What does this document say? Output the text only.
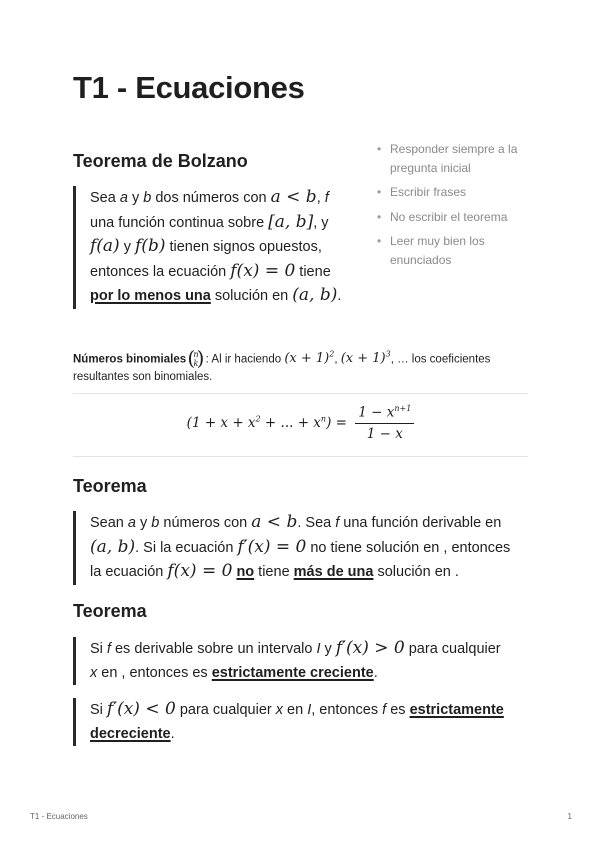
T1 - Ecuaciones
Teorema de Bolzano

Sea a y b dos números con a < b, f
una función continua sobre [a, b], y
f(a) y f(b) tienen signos opuestos,
entonces la ecuación f(x) = 0 tiene
por lo menos una solución en (a, b).

• Responder siempre a la pregunta inicial
• Escribir frases
• No escribir el teorema
• Leer muy bien los enunciados
Números binomiales
( n
k
) : Al ir haciendo $(x + 1)^2$, $(x + 1)^3$, … los coeficientes resultantes son binomiales.
($1 + x + x^2$ + ... + $x^n) = \frac{1 - x^{n+1}}{1 - x}$
Teorema

Sean a y b números con a < b. Sea f una función derivable en
(a, b). Si la ecuación f′(x) = 0 no tiene solución en , entonces
la ecuación f(x) = 0 no tiene más de una solución en .

Teorema

Si f es derivable sobre un intervalo I y f′(x) > 0 para cualquier
x en , entonces es estrictamente creciente.

Si f′(x) < 0 para cualquier x en I, entonces f es estrictamente
decreciente.

T1 - Ecuaciones	1
